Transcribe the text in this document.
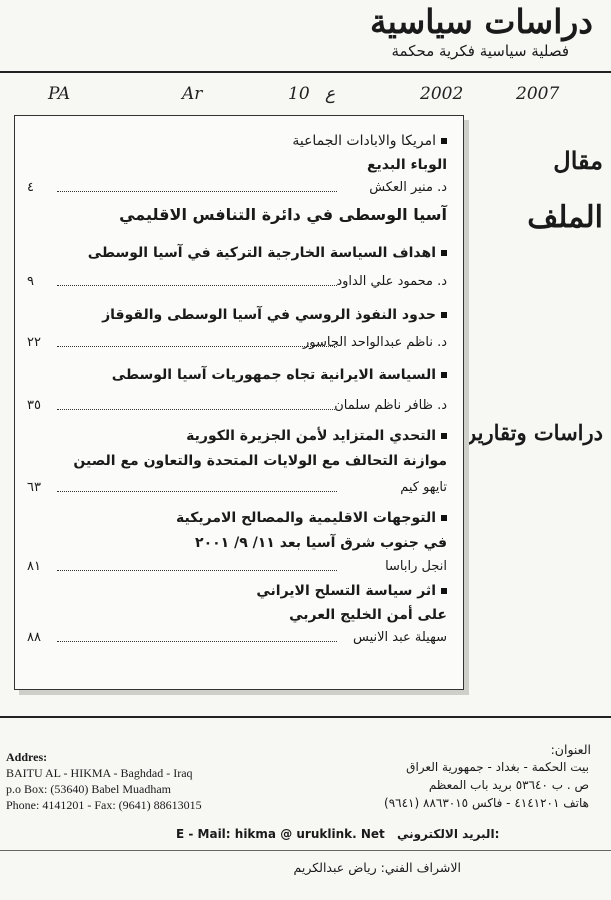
دراسات سياسية
فصلية سياسية فكرية محكمة
PA	Ar	10 ع	2002	2007
مقال
الملف
دراسات وتقارير
امريكا والابادات الجماعية
الوباء البديع
د. منير العكش
٤
آسيا الوسطى في دائرة التنافس الاقليمي
اهداف السياسة الخارجية التركية في آسيا الوسطى
د. محمود علي الداود
٩
حدود النفوذ الروسي في آسيا الوسطى والقوقاز
د. ناظم عبدالواحد الجاسور
٢٢
السياسة الايرانية تجاه جمهوريات آسيا الوسطى
د. ظافر ناظم سلمان
٣٥
التحدي المتزايد لأمن الجزيرة الكورية
موازنة التحالف مع الولايات المتحدة والتعاون مع الصين
تايهو كيم
٦٣
التوجهات الاقليمية والمصالح الامريكية
في جنوب شرق آسيا بعد ١١/ ٩/ ٢٠٠١
انجل راباسا
٨١
اثر سياسة التسلح الايراني
على أمن الخليج العربي
سهيلة عبد الانيس
٨٨
Addres:
BAITU AL - HIKMA - Baghdad - Iraq
p.o Box: (53640) Babel Muadham
Phone: 4141201 - Fax: (9641) 88613015
العنوان:
بيت الحكمة - بغداد - جمهورية العراق
ص . ب ٥٣٦٤٠ بريد باب المعظم
هاتف ٤١٤١٢٠١ - فاكس ٨٨٦٣٠١٥ (٩٦٤١)
E - Mail: hikma @ uruklink. Net البريد الالكتروني:
الاشراف الفني: رياض عبدالكريم
